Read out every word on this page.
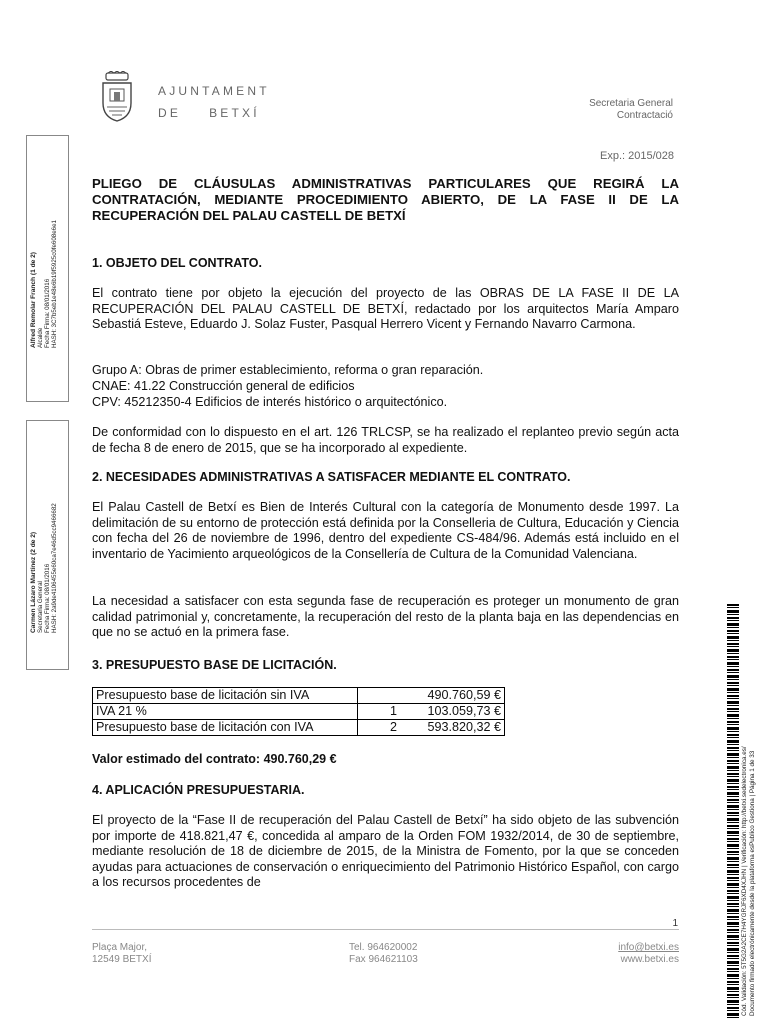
AJUNTAMENT
DE BETXÍ
Secretaria General
Contractació
Exp.: 2015/028
PLIEGO DE CLÁUSULAS ADMINISTRATIVAS PARTICULARES QUE REGIRÁ LA CONTRATACIÓN, MEDIANTE PROCEDIMIENTO ABIERTO, DE LA FASE II DE LA RECUPERACIÓN DEL PALAU CASTELL DE BETXÍ
1. OBJETO DEL CONTRATO.

El contrato tiene por objeto la ejecución del proyecto de las OBRAS DE LA FASE II DE LA RECUPERACIÓN DEL PALAU CASTELL DE BETXÍ, redactado por los arquitectos María Amparo Sebastiá Esteve, Eduardo J. Solaz Fuster, Pasqual Herrero Vicent y Fernando Navarro Carmona.

Grupo A: Obras de primer establecimiento, reforma o gran reparación.

CNAE: 41.22 Construcción general de edificios

CPV: 45212350-4 Edificios de interés histórico o arquitectónico.

De conformidad con lo dispuesto en el art. 126 TRLCSP, se ha realizado el replanteo previo según acta de fecha 8 de enero de 2015, que se ha incorporado al expediente.

2. NECESIDADES ADMINISTRATIVAS A SATISFACER MEDIANTE EL CONTRATO.

El Palau Castell de Betxí es Bien de Interés Cultural con la categoría de Monumento desde 1997. La delimitación de su entorno de protección está definida por la Conselleria de Cultura, Educación y Ciencia con fecha del 26 de noviembre de 1996, dentro del expediente CS-484/96. Además está incluido en el inventario de Yacimiento arqueológicos de la Consellería de Cultura de la Comunidad Valenciana.

La necesidad a satisfacer con esta segunda fase de recuperación es proteger un monumento de gran calidad patrimonial y, concretamente, la recuperación del resto de la planta baja en las dependencias en que no se actuó en la primera fase.

3. PRESUPUESTO BASE DE LICITACIÓN.
Presupuesto base de licitación sin IVA		490.760,59 €
IVA 21 %	1	103.059,73 €
Presupuesto base de licitación con IVA	2	593.820,32 €
Valor estimado del contrato: 490.760,29 €
4. APLICACIÓN PRESUPUESTARIA.

El proyecto de la “Fase II de recuperación del Palau Castell de Betxí” ha sido objeto de las subvención por importe de 418.821,47 €, concedida al amparo de la Orden FOM 1932/2014, de 30 de septiembre, mediante resolución de 18 de diciembre de 2015, de la Ministra de Fomento, por la que se conceden ayudas para actuaciones de conservación o enriquecimiento del Patrimonio Histórico Español, con cargo a los recursos procedentes de

1
Plaça Major,
12549 BETXÍ
Tel. 964620002
Fax 964621103
info@betxi.es
www.betxi.es
Alfred Remolar Franch (1 de 2)
Alcalde
Fecha Firma: 08/01/2016
HASH: 3C7b5eb1e48e6b19f5925c0fe608e6e1
Carmen Lázaro Martínez (2 de 2)
Secretaria General
Fecha Firma: 08/01/2016
HASH: 2a9de4106455e60ca7e46d5cc9466682
Cód. Validación: 5T5G2A2CE7H4YGRJF6XD4XJHN | Verificación: http://betxi.sedelectronica.es/
Documento firmado electrónicamente desde la plataforma esPublico Gestiona | Página 1 de 33
